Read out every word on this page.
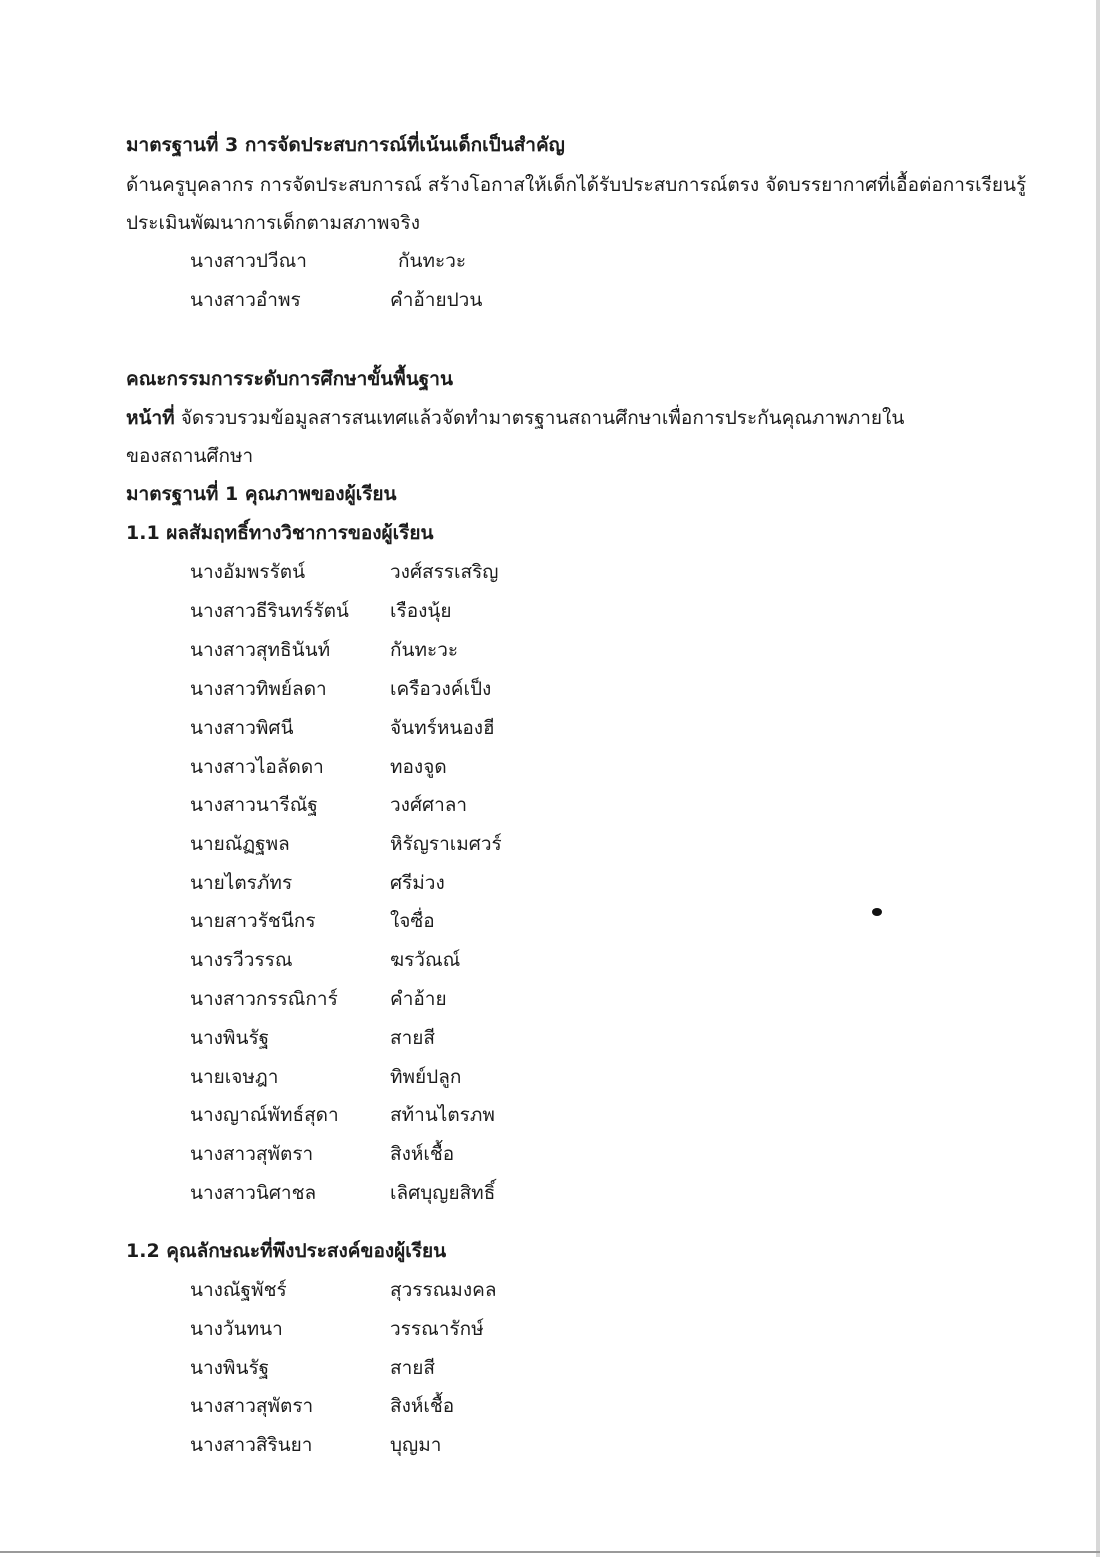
มาตรฐานที่ 3 การจัดประสบการณ์ที่เน้นเด็กเป็นสำคัญ
ด้านครูบุคลากร การจัดประสบการณ์ สร้างโอกาสให้เด็กได้รับประสบการณ์ตรง จัดบรรยากาศที่เอื้อต่อการเรียนรู้
ประเมินพัฒนาการเด็กตามสภาพจริง
นางสาวปวีณา	กันทะวะ
นางสาวอำพร	คำอ้ายปวน
คณะกรรมการระดับการศึกษาขั้นพื้นฐาน
หน้าที่ จัดรวบรวมข้อมูลสารสนเทศแล้วจัดทำมาตรฐานสถานศึกษาเพื่อการประกันคุณภาพภายใน
ของสถานศึกษา
มาตรฐานที่ 1 คุณภาพของผู้เรียน
1.1 ผลสัมฤทธิ์ทางวิชาการของผู้เรียน
นางอัมพรรัตน์	วงศ์สรรเสริญ
นางสาวธีรินทร์รัตน์ เรืองนุ้ย
นางสาวสุทธินันท์	กันทะวะ
นางสาวทิพย์ลดา	เครือวงค์เป็ง
นางสาวพิศนี	จันทร์หนองฮี
นางสาวไอลัดดา	ทองจูด
นางสาวนารีณัฐ	วงศ์ศาลา
นายณัฏฐพล	หิรัญราเมศวร์
นายไตรภัทร	ศรีม่วง
นายสาวรัชนีกร	ใจซื่อ
นางรวีวรรณ	ฆรวัณณ์
นางสาวกรรณิการ์	คำอ้าย
นางพินรัฐ	สายสี
นายเจษฎา	ทิพย์ปลูก
นางญาณ์พัทธ์สุดา	สท้านไตรภพ
นางสาวสุพัตรา	สิงห์เชื้อ
นางสาวนิศาชล	เลิศบุญยสิทธิ์
1.2 คุณลักษณะที่พึงประสงค์ของผู้เรียน
นางณัฐพัชร์	สุวรรณมงคล
นางวันทนา	วรรณารักษ์
นางพินรัฐ	สายสี
นางสาวสุพัตรา	สิงห์เชื้อ
นางสาวสิรินยา	บุญมา
